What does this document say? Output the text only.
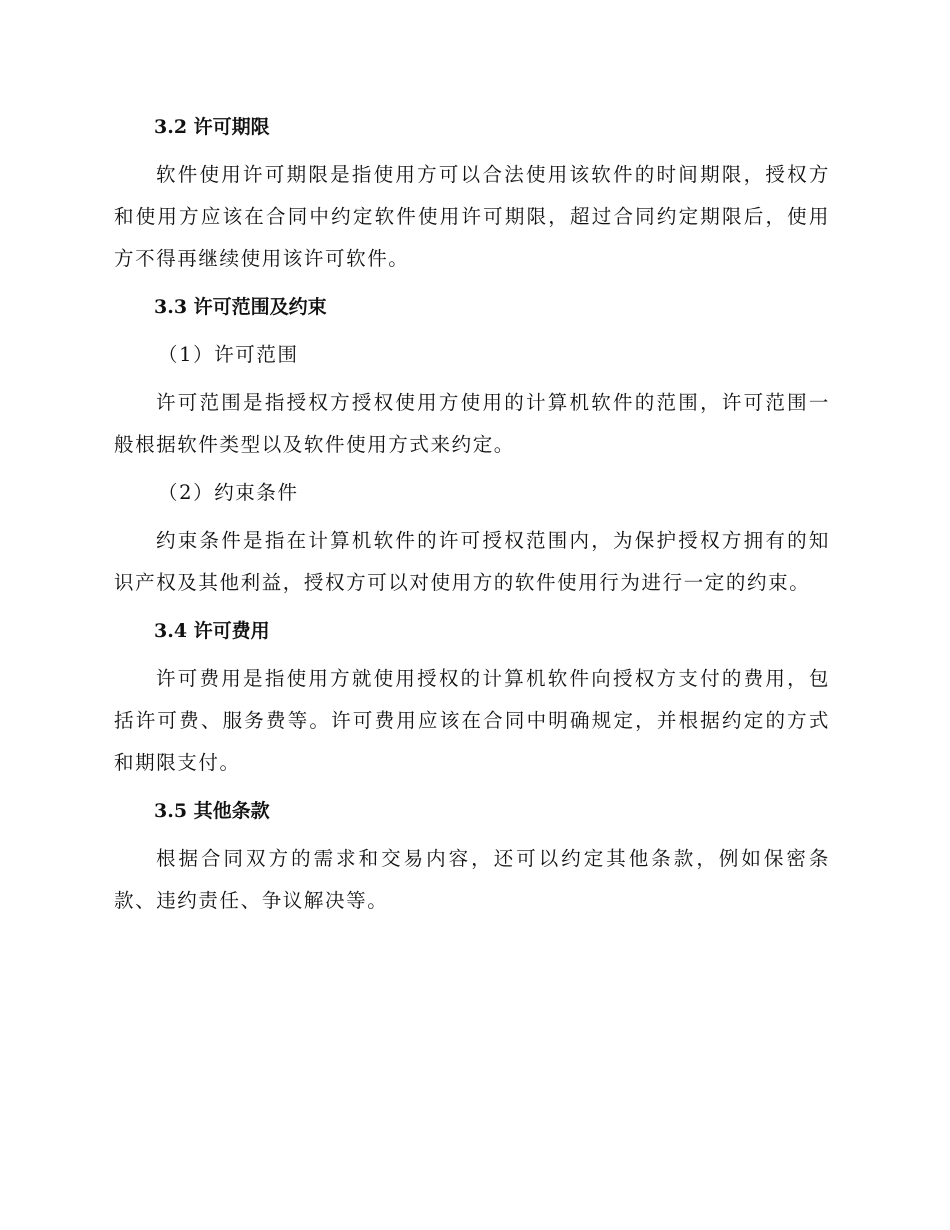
3.2 许可期限

软件使用许可期限是指使用方可以合法使用该软件的时间期限，授权方和使用方应该在合同中约定软件使用许可期限，超过合同约定期限后，使用方不得再继续使用该许可软件。

3.3 许可范围及约束
（1）许可范围

许可范围是指授权方授权使用方使用的计算机软件的范围，许可范围一般根据软件类型以及软件使用方式来约定。

（2）约束条件

约束条件是指在计算机软件的许可授权范围内，为保护授权方拥有的知识产权及其他利益，授权方可以对使用方的软件使用行为进行一定的约束。

3.4 许可费用

许可费用是指使用方就使用授权的计算机软件向授权方支付的费用，包括许可费、服务费等。许可费用应该在合同中明确规定，并根据约定的方式和期限支付。

3.5 其他条款

根据合同双方的需求和交易内容，还可以约定其他条款，例如保密条款、违约责任、争议解决等。
